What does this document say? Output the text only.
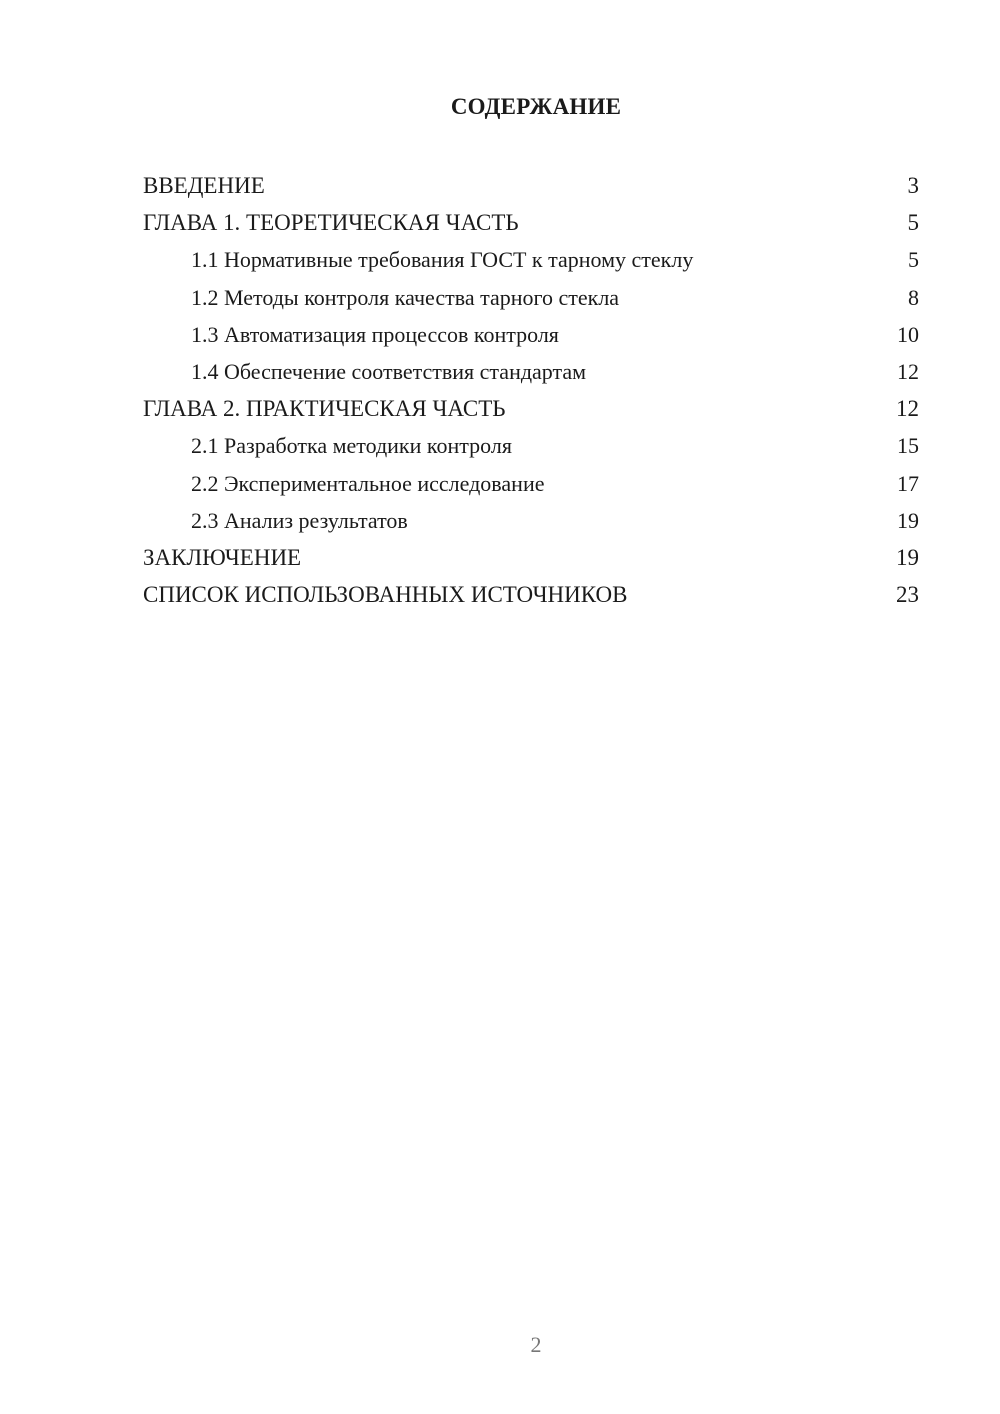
СОДЕРЖАНИЕ
ВВЕДЕНИЕ	3
ГЛАВА 1. ТЕОРЕТИЧЕСКАЯ ЧАСТЬ	5
1.1 Нормативные требования ГОСТ к тарному стеклу	5
1.2 Методы контроля качества тарного стекла	8
1.3 Автоматизация процессов контроля	10
1.4 Обеспечение соответствия стандартам	12
ГЛАВА 2. ПРАКТИЧЕСКАЯ ЧАСТЬ	12
2.1 Разработка методики контроля	15
2.2 Экспериментальное исследование	17
2.3 Анализ результатов	19
ЗАКЛЮЧЕНИЕ	19
СПИСОК ИСПОЛЬЗОВАННЫХ ИСТОЧНИКОВ	23
2
